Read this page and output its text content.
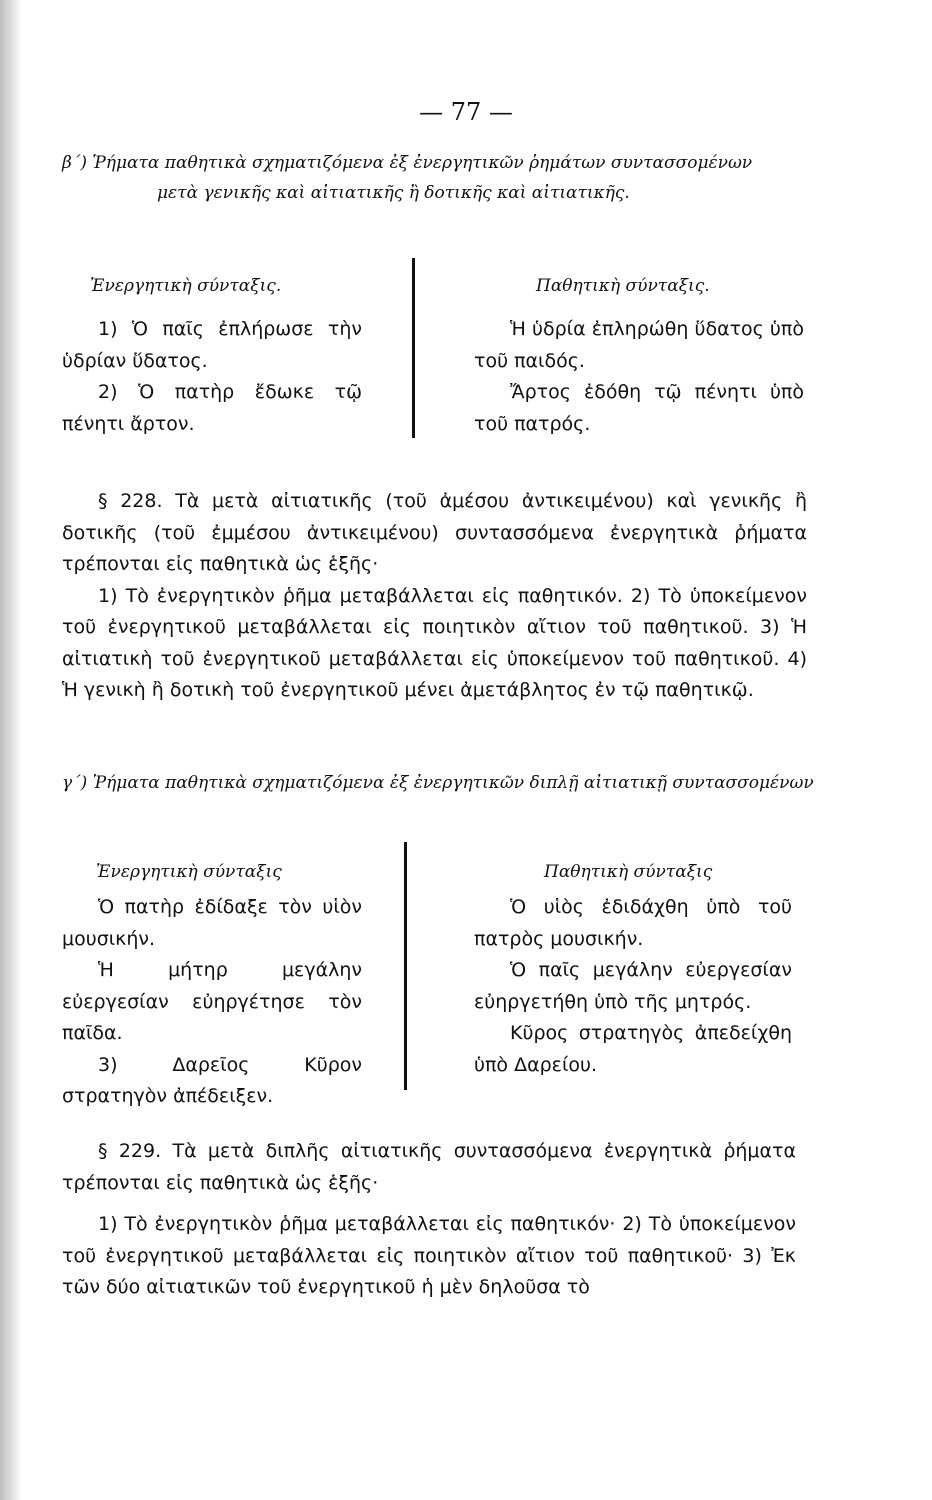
— 77 —
β΄) Ῥήματα παθητικὰ σχηματιζόμενα ἐξ ἐνεργητικῶν ῥημάτων συντασσομένων
μετὰ γενικῆς καὶ αἰτιατικῆς ἢ δοτικῆς καὶ αἰτιατικῆς.
Ἐνεργητικὴ σύνταξις.

1) Ὁ παῖς ἐπλήρωσε τὴν ὑδρίαν ὕδατος.

2) Ὁ πατὴρ ἔδωκε τῷ πένητι ἄρτον.

Παθητικὴ σύνταξις.

Ἡ ὑδρία ἐπληρώθη ὕδατος ὑπὸ τοῦ παιδός.

Ἄρτος ἐδόθη τῷ πένητι ὑπὸ τοῦ πατρός.

§ 228. Τὰ μετὰ αἰτιατικῆς (τοῦ ἀμέσου ἀντικειμένου) καὶ γενικῆς ἢ δοτικῆς (τοῦ ἐμμέσου ἀντικειμένου) συντασσόμενα ἐνεργητικὰ ῥήματα τρέπονται εἰς παθητικὰ ὡς ἑξῆς·

1) Τὸ ἐνεργητικὸν ῥῆμα μεταβάλλεται εἰς παθητικόν. 2) Τὸ ὑποκείμενον τοῦ ἐνεργητικοῦ μεταβάλλεται εἰς ποιητικὸν αἴτιον τοῦ παθητικοῦ. 3) Ἡ αἰτιατικὴ τοῦ ἐνεργητικοῦ μεταβάλλεται εἰς ὑποκείμενον τοῦ παθητικοῦ. 4) Ἡ γενικὴ ἢ δοτικὴ τοῦ ἐνεργητικοῦ μένει ἀμετάβλητος ἐν τῷ παθητικῷ.

γ΄) Ῥήματα παθητικὰ σχηματιζόμενα ἐξ ἐνεργητικῶν διπλῇ αἰτιατικῇ συντασσομένων
Ἐνεργητικὴ σύνταξις

Ὁ πατὴρ ἐδίδαξε τὸν υἱὸν μουσικήν.

Ἡ μήτηρ μεγάλην εὐεργεσίαν εὐηργέτησε τὸν παῖδα.

3) Δαρεῖος Κῦρον στρατηγὸν ἀπέδειξεν.

Παθητικὴ σύνταξις

Ὁ υἱὸς ἐδιδάχθη ὑπὸ τοῦ πατρὸς μουσικήν.

Ὁ παῖς μεγάλην εὐεργεσίαν εὐηργετήθη ὑπὸ τῆς μητρός.

Κῦρος στρατηγὸς ἀπεδείχθη ὑπὸ Δαρείου.

§ 229. Τὰ μετὰ διπλῆς αἰτιατικῆς συντασσόμενα ἐνεργητικὰ ῥήματα τρέπονται εἰς παθητικὰ ὡς ἑξῆς·

1) Τὸ ἐνεργητικὸν ῥῆμα μεταβάλλεται εἰς παθητικόν· 2) Τὸ ὑποκείμενον τοῦ ἐνεργητικοῦ μεταβάλλεται εἰς ποιητικὸν αἴτιον τοῦ παθητικοῦ· 3) Ἐκ τῶν δύο αἰτιατικῶν τοῦ ἐνεργητικοῦ ἡ μὲν δηλοῦσα τὸ
